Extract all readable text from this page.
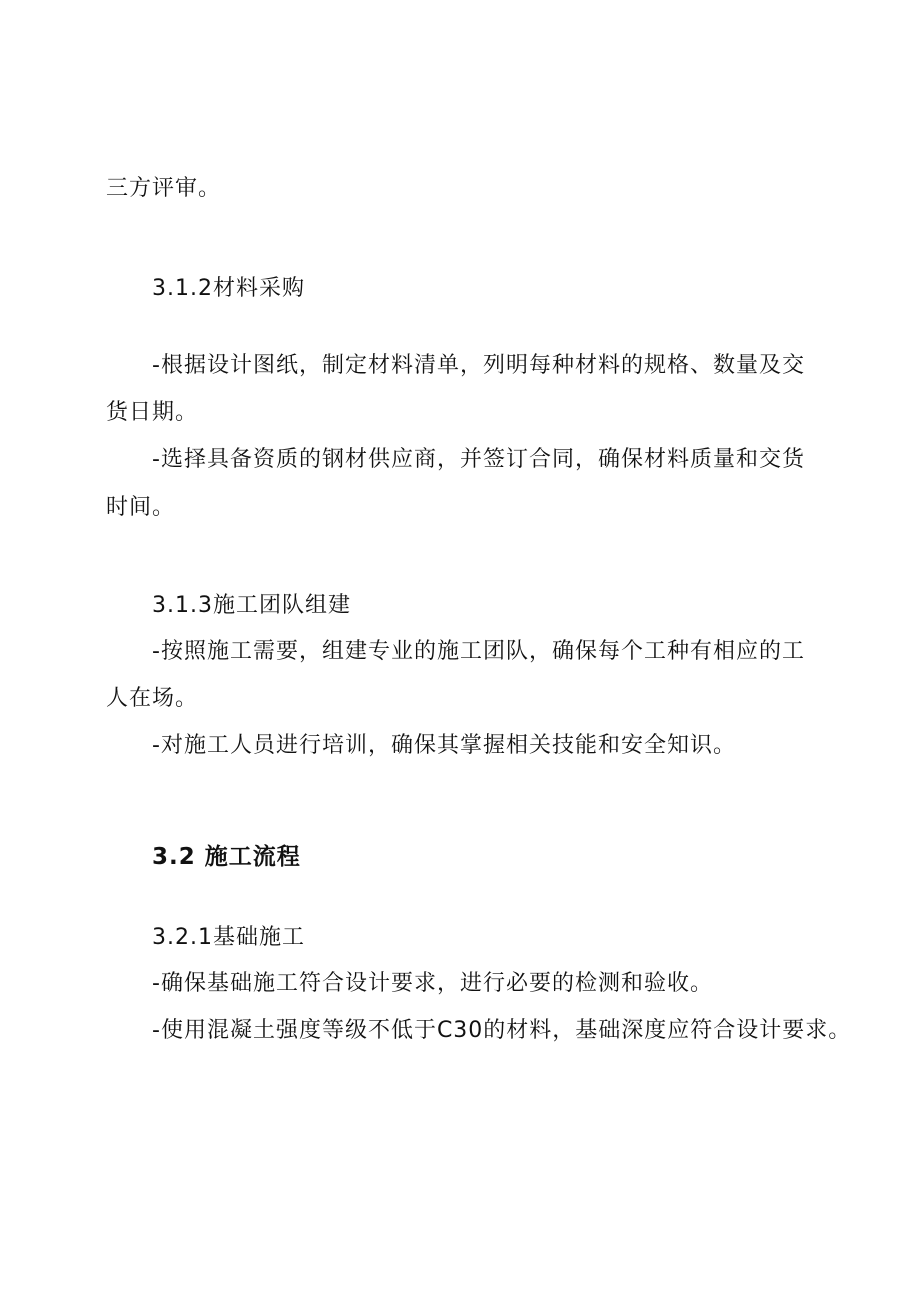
三方评审。
3.1.2材料采购
-根据设计图纸，制定材料清单，列明每种材料的规格、数量及交
货日期。
-选择具备资质的钢材供应商，并签订合同，确保材料质量和交货
时间。
3.1.3施工团队组建
-按照施工需要，组建专业的施工团队，确保每个工种有相应的工
人在场。
-对施工人员进行培训，确保其掌握相关技能和安全知识。
3.2 施工流程
3.2.1基础施工
-确保基础施工符合设计要求，进行必要的检测和验收。
-使用混凝土强度等级不低于C30的材料，基础深度应符合设计要求。
